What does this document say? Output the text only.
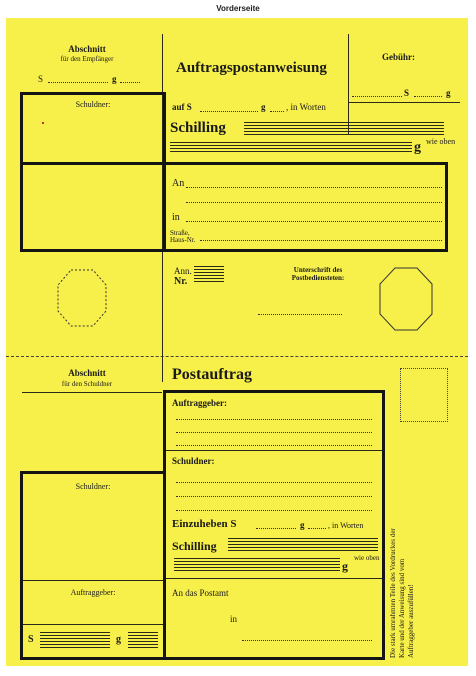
Vorderseite
Abschnitt
für den Empfänger
S	g
Auftragspostanweisung
Gebühr:
S	g
Schuldner:	auf S	g , in Worten
Schilling
g wie oben
An
in
Straße,
Haus-Nr.
Ann.
Nr.
Unterschrift des Postbediensteten:
Abschnitt
für den Schuldner
Postauftrag
Auftraggeber:
Schuldner:
Schuldner:
Auftraggeber:
S	g
Einzuheben S	g	, in Worten
Schilling
g
wie oben
An das Postamt
in	Die stark umrahmten Teile des Vordruckes der Karte und der Anweisung sind vom Auftraggeber auszufüllen!
